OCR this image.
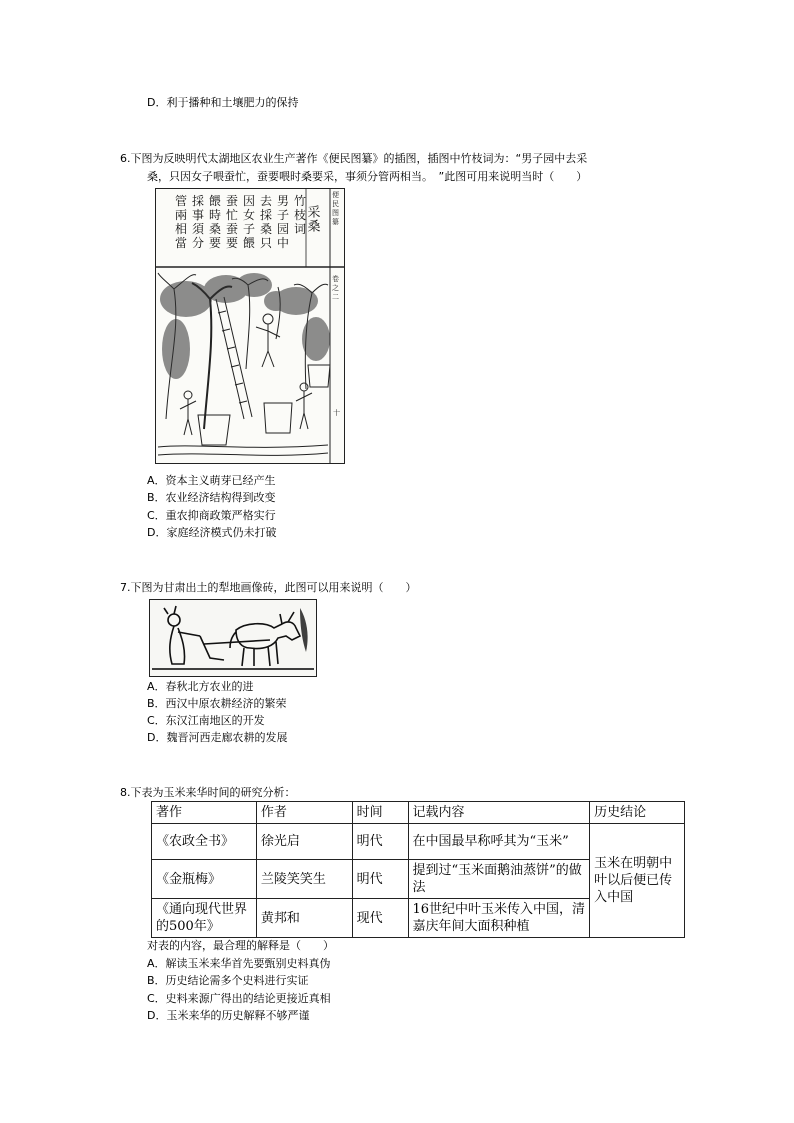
D．利于播种和土壤肥力的保持
6.下图为反映明代太湖地区农业生产著作《便民图纂》的插图，插图中竹枝词为：“男子园中去采
桑，只因女子喂蚕忙，蚕要喂时桑要采，事须分管两相当。　”此图可用来说明当时（　　）
采桑
竹枝词
男子园中
去採桑只
因女子餵
蚕忙蚕要
餵時桑要
採事須分
管兩相當
便民图纂
卷之二
十
A．资本主义萌芽已经产生
B．农业经济结构得到改变
C．重农抑商政策严格实行
D．家庭经济模式仍未打破
7.下图为甘肃出土的犁地画像砖，此图可以用来说明（　　）
A．春秋北方农业的进
B．西汉中原农耕经济的繁荣
C．东汉江南地区的开发
D．魏晋河西走廊农耕的发展
8.下表为玉米来华时间的研究分析：
著作	作者	时间	记载内容	历史结论
《农政全书》	徐光启	明代	在中国最早称呼其为“玉米”	玉米在明朝中叶以后便已传入中国
《金瓶梅》	兰陵笑笑生	明代	提到过“玉米面鹅油蒸饼”的做法	
《通向现代世界的500年》	黄邦和	现代	16世纪中叶玉米传入中国，清嘉庆年间大面积种植	
对表的内容，最合理的解释是（　　）
A．解读玉米来华首先要甄别史料真伪
B．历史结论需多个史料进行实证
C．史料来源广得出的结论更接近真相
D．玉米来华的历史解释不够严谨
